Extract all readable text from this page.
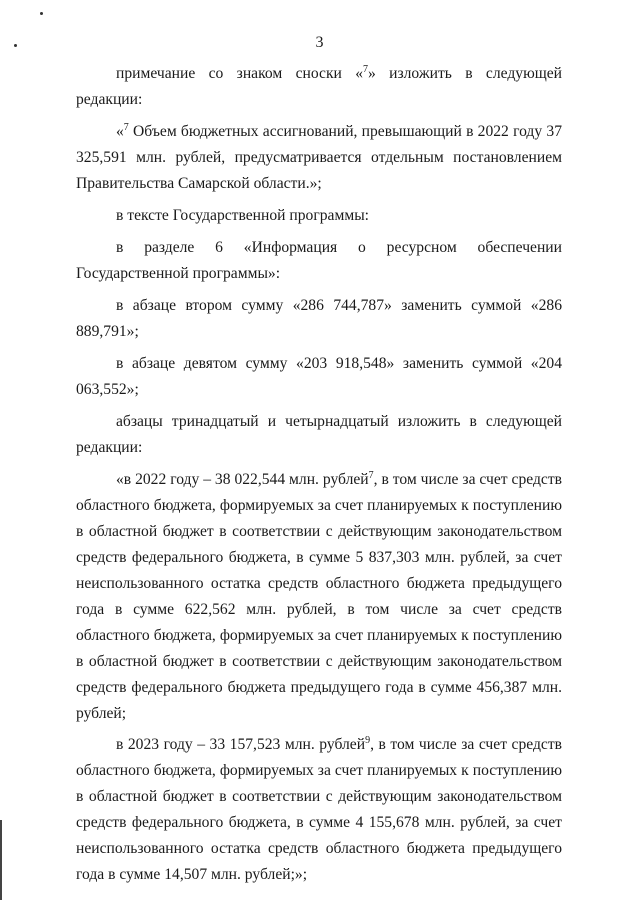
3

примечание со знаком сноски «$^7$» изложить в следующей редакции:

«$^7$ Объем бюджетных ассигнований, превышающий в 2022 году 37 325,591 млн. рублей, предусматривается отдельным постановлением Правительства Самарской области.»;

в тексте Государственной программы:

в разделе 6 «Информация о ресурсном обеспечении Государственной программы»:

в абзаце втором сумму «286 744,787» заменить суммой «286 889,791»;

в абзаце девятом сумму «203 918,548» заменить суммой «204 063,552»;

абзацы тринадцатый и четырнадцатый изложить в следующей редакции:

«в 2022 году – 38 022,544 млн. рублей$^7$, в том числе за счет средств областного бюджета, формируемых за счет планируемых к поступлению в областной бюджет в соответствии с действующим законодательством средств федерального бюджета, в сумме 5 837,303 млн. рублей, за счет неиспользованного остатка средств областного бюджета предыдущего года в сумме 622,562 млн. рублей, в том числе за счет средств областного бюджета, формируемых за счет планируемых к поступлению в областной бюджет в соответствии с действующим законодательством средств федерального бюджета предыдущего года в сумме 456,387 млн. рублей;

в 2023 году – 33 157,523 млн. рублей$^9$, в том числе за счет средств областного бюджета, формируемых за счет планируемых к поступлению в областной бюджет в соответствии с действующим законодательством средств федерального бюджета, в сумме 4 155,678 млн. рублей, за счет неиспользованного остатка средств областного бюджета предыдущего года в сумме 14,507 млн. рублей;»;
